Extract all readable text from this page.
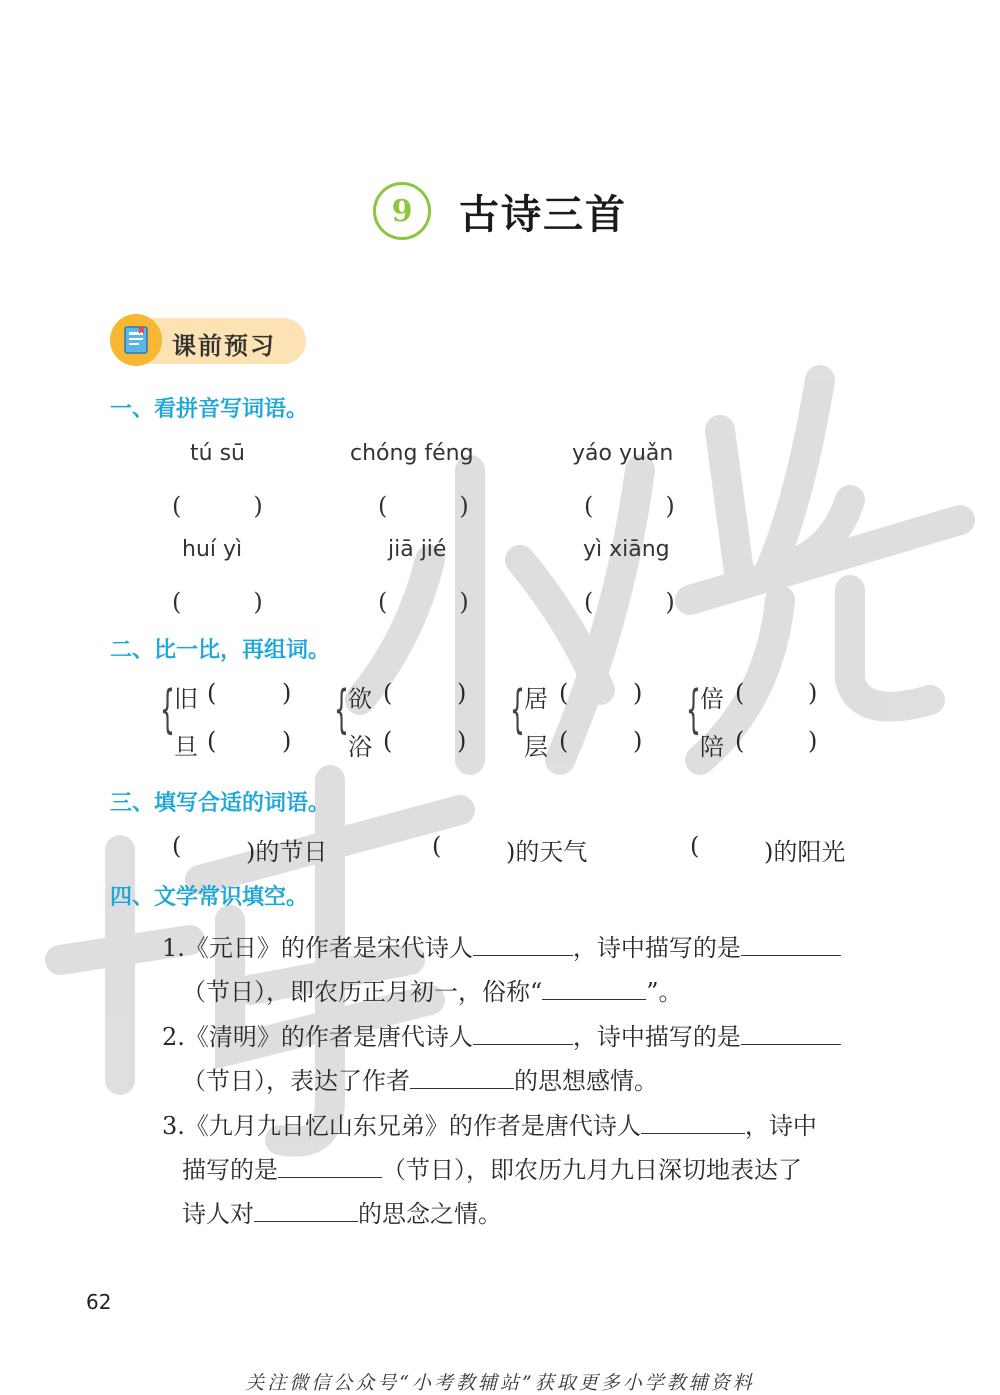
9	古诗三首
课前预习
一、看拼音写词语。
tú sū	chóng féng	yáo yuǎn
(　　　)	(　　　)	(　　　)
huí yì	jiā jié	yì xiāng
(　　　)	(　　　)	(　　　)
二、比一比，再组词。
{ 旧 (	)
旦 (	)
{ 欲 (	)
浴 (	)
{ 居 (	)
层 (	)
{ 倍 (	)
陪 (	)
三、填写合适的词语。
(	)的节日	(	)的天气	(	)的阳光
四、文学常识填空。
1.《元日》的作者是宋代诗人	，诗中描写的是
（节日），即农历正月初一，俗称“	”。
2.《清明》的作者是唐代诗人	，诗中描写的是
（节日），表达了作者	的思想感情。
3.《九月九日忆山东兄弟》的作者是唐代诗人	，诗中
描写的是	（节日），即农历九月九日深切地表达了
诗人对	的思念之情。
62
关注微信公众号“小考教辅站”获取更多小学教辅资料
